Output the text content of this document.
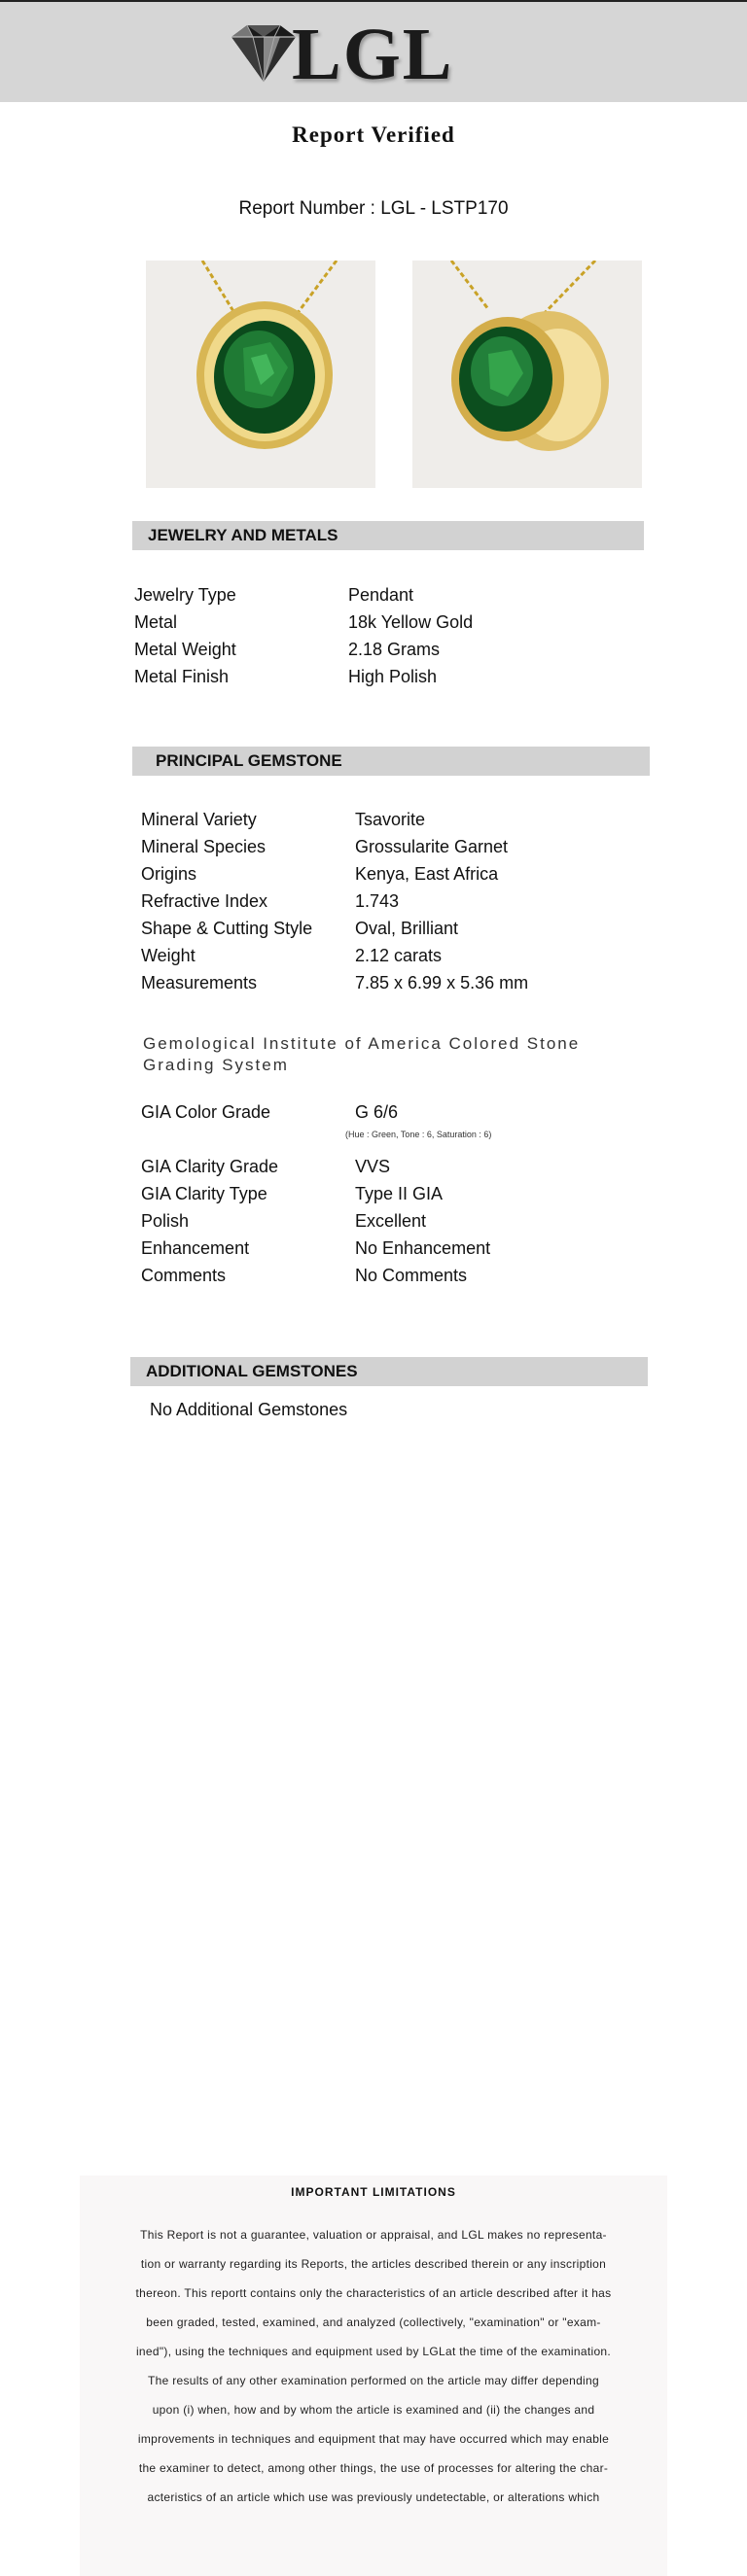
LGL
Report Verified
Report Number : LGL - LSTP170
JEWELRY AND METALS
Jewelry Type	Pendant
Metal	18k Yellow Gold
Metal Weight	2.18 Grams
Metal Finish	High Polish
PRINCIPAL GEMSTONE
Mineral Variety	Tsavorite
Mineral Species	Grossularite Garnet
Origins	Kenya, East Africa
Refractive Index	1.743
Shape & Cutting Style	Oval, Brilliant
Weight	2.12 carats
Measurements	7.85 x 6.99 x 5.36 mm
Gemological Institute of America Colored Stone Grading System
GIA Color Grade	G 6/6
(Hue : Green, Tone : 6, Saturation : 6)
GIA Clarity Grade	VVS
GIA Clarity Type	Type II GIA
Polish	Excellent
Enhancement	No Enhancement
Comments	No Comments
ADDITIONAL GEMSTONES
No Additional Gemstones
IMPORTANT LIMITATIONS

This Report is not a guarantee, valuation or appraisal, and LGL makes no representa-

tion or warranty regarding its Reports, the articles described therein or any inscription

thereon. This reportt contains only the characteristics of an article described after it has

been graded, tested, examined, and analyzed (collectively, "examination" or "exam-

ined"), using the techniques and equipment used by LGLat the time of the examination.

The results of any other examination performed on the article may differ depending

upon (i) when, how and by whom the article is examined and (ii) the changes and

improvements in techniques and equipment that may have occurred which may enable

the examiner to detect, among other things, the use of processes for altering the char-

acteristics of an article which use was previously undetectable, or alterations which
